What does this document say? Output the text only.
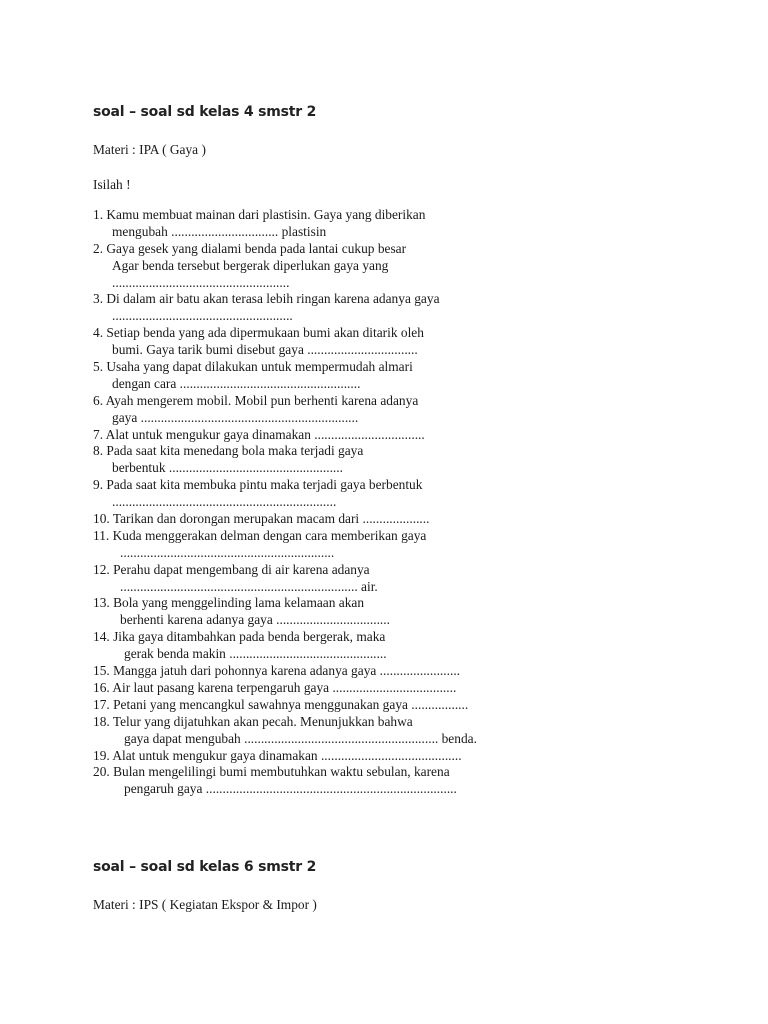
soal – soal sd kelas 4 smstr 2
Materi : IPA ( Gaya )
Isilah !
1. Kamu membuat mainan dari plastisin. Gaya yang diberikan
mengubah ................................ plastisin
2. Gaya gesek yang dialami benda pada lantai cukup besar
Agar benda tersebut bergerak diperlukan gaya yang
.....................................................
3. Di dalam air batu akan terasa lebih ringan karena adanya gaya
......................................................
4. Setiap benda yang ada dipermukaan bumi akan ditarik oleh
bumi. Gaya tarik bumi disebut gaya .................................
5. Usaha yang dapat dilakukan untuk mempermudah almari
dengan cara ......................................................
6. Ayah mengerem mobil. Mobil pun berhenti karena adanya
gaya .................................................................
7. Alat untuk mengukur gaya dinamakan .................................
8. Pada saat kita menedang bola maka terjadi gaya
berbentuk ....................................................
9. Pada saat kita membuka pintu maka terjadi gaya berbentuk
...................................................................
10. Tarikan dan dorongan merupakan macam dari ....................
11. Kuda menggerakan delman dengan cara memberikan gaya
................................................................
12. Perahu dapat mengembang di air karena adanya
....................................................................... air.
13. Bola yang menggelinding lama kelamaan akan
berhenti karena adanya gaya ..................................
14. Jika gaya ditambahkan pada benda bergerak, maka
gerak benda makin ...............................................
15. Mangga jatuh dari pohonnya karena adanya gaya ........................
16. Air laut pasang karena terpengaruh gaya .....................................
17. Petani yang mencangkul sawahnya menggunakan gaya .................
18. Telur yang dijatuhkan akan pecah. Menunjukkan bahwa
gaya dapat mengubah .......................................................... benda.
19. Alat untuk mengukur gaya dinamakan ..........................................
20. Bulan mengelilingi bumi membutuhkan waktu sebulan, karena
pengaruh gaya ...........................................................................
soal – soal sd kelas 6 smstr 2
Materi : IPS ( Kegiatan Ekspor & Impor )
